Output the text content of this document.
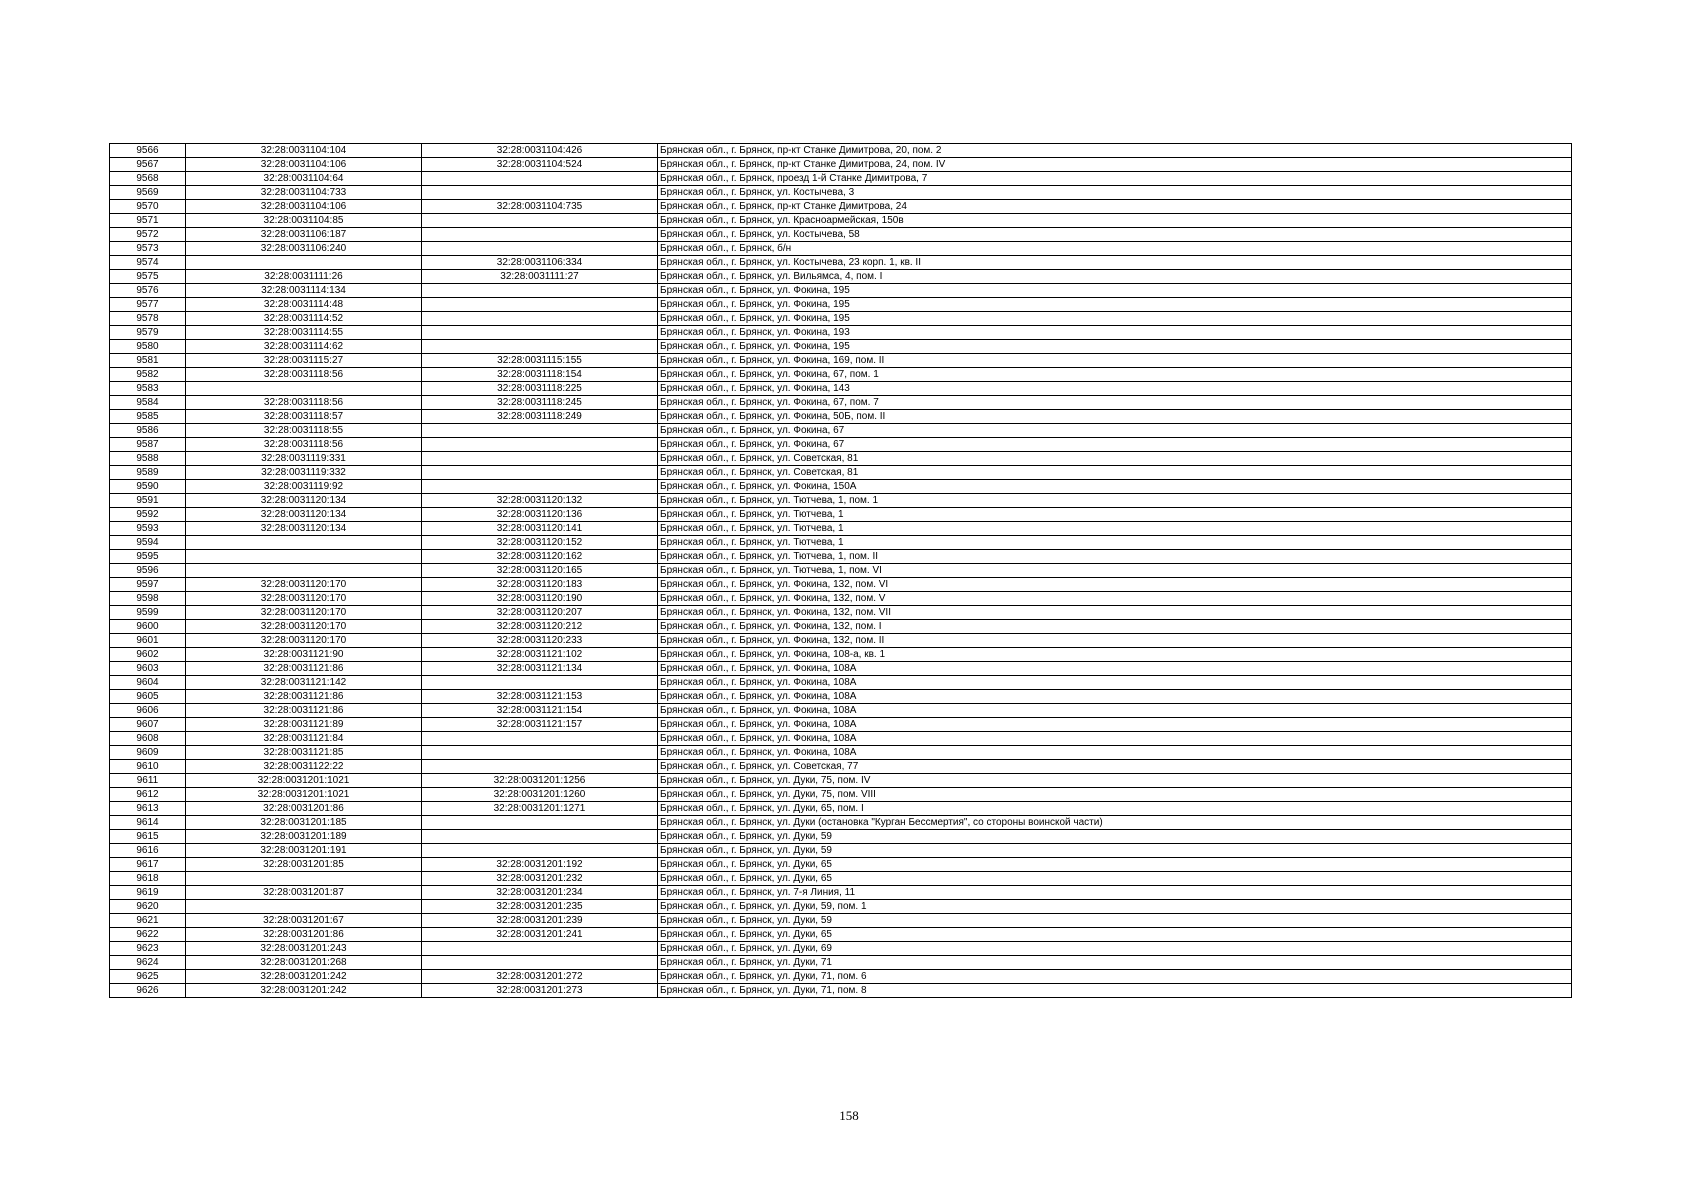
9566	32:28:0031104:104	32:28:0031104:426	Брянская обл., г. Брянск, пр-кт Станке Димитрова, 20, пом. 2
9567	32:28:0031104:106	32:28:0031104:524	Брянская обл., г. Брянск, пр-кт Станке Димитрова, 24, пом. IV
9568	32:28:0031104:64		Брянская обл., г. Брянск, проезд 1-й Станке Димитрова, 7
9569	32:28:0031104:733		Брянская обл., г. Брянск, ул. Костычева, 3
9570	32:28:0031104:106	32:28:0031104:735	Брянская обл., г. Брянск, пр-кт Станке Димитрова, 24
9571	32:28:0031104:85		Брянская обл., г. Брянск, ул. Красноармейская, 150в
9572	32:28:0031106:187		Брянская обл., г. Брянск, ул. Костычева, 58
9573	32:28:0031106:240		Брянская обл., г. Брянск, б/н
9574		32:28:0031106:334	Брянская обл., г. Брянск, ул. Костычева, 23 корп. 1, кв. II
9575	32:28:0031111:26	32:28:0031111:27	Брянская обл., г. Брянск, ул. Вильямса, 4, пом. I
9576	32:28:0031114:134		Брянская обл., г. Брянск, ул. Фокина, 195
9577	32:28:0031114:48		Брянская обл., г. Брянск, ул. Фокина, 195
9578	32:28:0031114:52		Брянская обл., г. Брянск, ул. Фокина, 195
9579	32:28:0031114:55		Брянская обл., г. Брянск, ул. Фокина, 193
9580	32:28:0031114:62		Брянская обл., г. Брянск, ул. Фокина, 195
9581	32:28:0031115:27	32:28:0031115:155	Брянская обл., г. Брянск, ул. Фокина, 169, пом. II
9582	32:28:0031118:56	32:28:0031118:154	Брянская обл., г. Брянск, ул. Фокина, 67, пом. 1
9583		32:28:0031118:225	Брянская обл., г. Брянск, ул. Фокина, 143
9584	32:28:0031118:56	32:28:0031118:245	Брянская обл., г. Брянск, ул. Фокина, 67, пом. 7
9585	32:28:0031118:57	32:28:0031118:249	Брянская обл., г. Брянск, ул. Фокина, 50Б, пом. II
9586	32:28:0031118:55		Брянская обл., г. Брянск, ул. Фокина, 67
9587	32:28:0031118:56		Брянская обл., г. Брянск, ул. Фокина, 67
9588	32:28:0031119:331		Брянская обл., г. Брянск, ул. Советская, 81
9589	32:28:0031119:332		Брянская обл., г. Брянск, ул. Советская, 81
9590	32:28:0031119:92		Брянская обл., г. Брянск, ул. Фокина, 150А
9591	32:28:0031120:134	32:28:0031120:132	Брянская обл., г. Брянск, ул. Тютчева, 1, пом. 1
9592	32:28:0031120:134	32:28:0031120:136	Брянская обл., г. Брянск, ул. Тютчева, 1
9593	32:28:0031120:134	32:28:0031120:141	Брянская обл., г. Брянск, ул. Тютчева, 1
9594		32:28:0031120:152	Брянская обл., г. Брянск, ул. Тютчева, 1
9595		32:28:0031120:162	Брянская обл., г. Брянск, ул. Тютчева, 1, пом. II
9596		32:28:0031120:165	Брянская обл., г. Брянск, ул. Тютчева, 1, пом. VI
9597	32:28:0031120:170	32:28:0031120:183	Брянская обл., г. Брянск, ул. Фокина, 132, пом. VI
9598	32:28:0031120:170	32:28:0031120:190	Брянская обл., г. Брянск, ул. Фокина, 132, пом. V
9599	32:28:0031120:170	32:28:0031120:207	Брянская обл., г. Брянск, ул. Фокина, 132, пом. VII
9600	32:28:0031120:170	32:28:0031120:212	Брянская обл., г. Брянск, ул. Фокина, 132, пом. I
9601	32:28:0031120:170	32:28:0031120:233	Брянская обл., г. Брянск, ул. Фокина, 132, пом. II
9602	32:28:0031121:90	32:28:0031121:102	Брянская обл., г. Брянск, ул. Фокина, 108-а, кв. 1
9603	32:28:0031121:86	32:28:0031121:134	Брянская обл., г. Брянск, ул. Фокина, 108А
9604	32:28:0031121:142		Брянская обл., г. Брянск, ул. Фокина, 108А
9605	32:28:0031121:86	32:28:0031121:153	Брянская обл., г. Брянск, ул. Фокина, 108А
9606	32:28:0031121:86	32:28:0031121:154	Брянская обл., г. Брянск, ул. Фокина, 108А
9607	32:28:0031121:89	32:28:0031121:157	Брянская обл., г. Брянск, ул. Фокина, 108А
9608	32:28:0031121:84		Брянская обл., г. Брянск, ул. Фокина, 108А
9609	32:28:0031121:85		Брянская обл., г. Брянск, ул. Фокина, 108А
9610	32:28:0031122:22		Брянская обл., г. Брянск, ул. Советская, 77
9611	32:28:0031201:1021	32:28:0031201:1256	Брянская обл., г. Брянск, ул. Дуки, 75, пом. IV
9612	32:28:0031201:1021	32:28:0031201:1260	Брянская обл., г. Брянск, ул. Дуки, 75, пом. VIII
9613	32:28:0031201:86	32:28:0031201:1271	Брянская обл., г. Брянск, ул. Дуки, 65, пом. I
9614	32:28:0031201:185		Брянская обл., г. Брянск, ул. Дуки (остановка "Курган Бессмертия", со стороны воинской части)
9615	32:28:0031201:189		Брянская обл., г. Брянск, ул. Дуки, 59
9616	32:28:0031201:191		Брянская обл., г. Брянск, ул. Дуки, 59
9617	32:28:0031201:85	32:28:0031201:192	Брянская обл., г. Брянск, ул. Дуки, 65
9618		32:28:0031201:232	Брянская обл., г. Брянск, ул. Дуки, 65
9619	32:28:0031201:87	32:28:0031201:234	Брянская обл., г. Брянск, ул. 7-я Линия, 11
9620		32:28:0031201:235	Брянская обл., г. Брянск, ул. Дуки, 59, пом. 1
9621	32:28:0031201:67	32:28:0031201:239	Брянская обл., г. Брянск, ул. Дуки, 59
9622	32:28:0031201:86	32:28:0031201:241	Брянская обл., г. Брянск, ул. Дуки, 65
9623	32:28:0031201:243		Брянская обл., г. Брянск, ул. Дуки, 69
9624	32:28:0031201:268		Брянская обл., г. Брянск, ул. Дуки, 71
9625	32:28:0031201:242	32:28:0031201:272	Брянская обл., г. Брянск, ул. Дуки, 71, пом. 6
9626	32:28:0031201:242	32:28:0031201:273	Брянская обл., г. Брянск, ул. Дуки, 71, пом. 8
158
